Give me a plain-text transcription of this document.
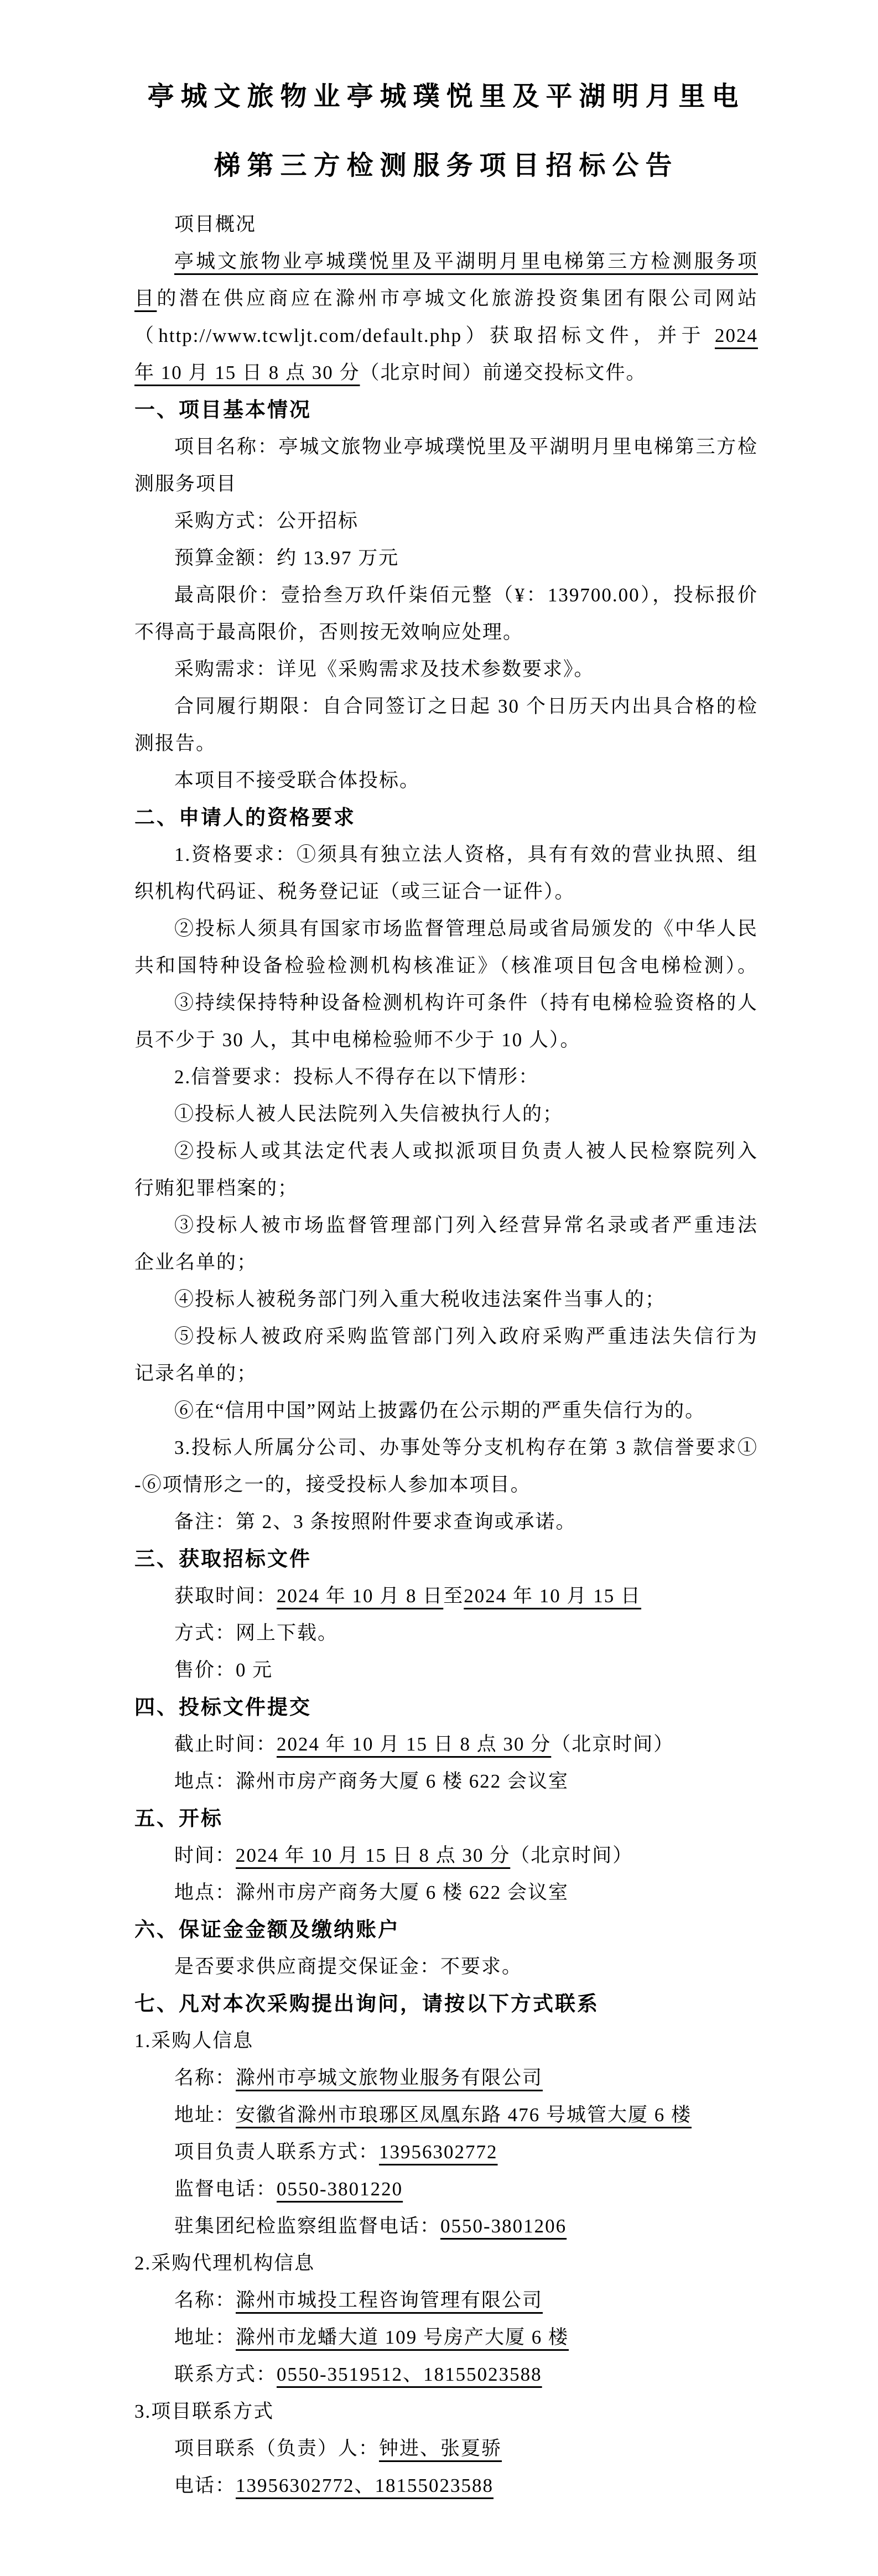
亭城文旅物业亭城璞悦里及平湖明月里电
梯第三方检测服务项目招标公告
项目概况
亭城文旅物业亭城璞悦里及平湖明月里电梯第三方检测服务项
目的潜在供应商应在滁州市亭城文化旅游投资集团有限公司网站
（http://www.tcwljt.com/default.php）获取招标文件，并于 2024
年 10 月 15 日 8 点 30 分（北京时间）前递交投标文件。
一、项目基本情况
项目名称：亭城文旅物业亭城璞悦里及平湖明月里电梯第三方检
测服务项目
采购方式：公开招标
预算金额：约 13.97 万元
最高限价：壹拾叁万玖仟柒佰元整（¥：139700.00），投标报价
不得高于最高限价，否则按无效响应处理。
采购需求：详见《采购需求及技术参数要求》。
合同履行期限：自合同签订之日起 30 个日历天内出具合格的检
测报告。
本项目不接受联合体投标。
二、申请人的资格要求
1.资格要求：①须具有独立法人资格，具有有效的营业执照、组
织机构代码证、税务登记证（或三证合一证件）。
②投标人须具有国家市场监督管理总局或省局颁发的《中华人民
共和国特种设备检验检测机构核准证》（核准项目包含电梯检测）。
③持续保持特种设备检测机构许可条件（持有电梯检验资格的人
员不少于 30 人，其中电梯检验师不少于 10 人）。
2.信誉要求：投标人不得存在以下情形：
①投标人被人民法院列入失信被执行人的；
②投标人或其法定代表人或拟派项目负责人被人民检察院列入
行贿犯罪档案的；
③投标人被市场监督管理部门列入经营异常名录或者严重违法
企业名单的；
④投标人被税务部门列入重大税收违法案件当事人的；
⑤投标人被政府采购监管部门列入政府采购严重违法失信行为
记录名单的；
⑥在“信用中国”网站上披露仍在公示期的严重失信行为的。
3.投标人所属分公司、办事处等分支机构存在第 3 款信誉要求①
-⑥项情形之一的，接受投标人参加本项目。
备注：第 2、3 条按照附件要求查询或承诺。
三、获取招标文件
获取时间：2024 年 10 月 8 日至2024 年 10 月 15 日
方式：网上下载。
售价：0 元
四、投标文件提交
截止时间：2024 年 10 月 15 日 8 点 30 分（北京时间）
地点：滁州市房产商务大厦 6 楼 622 会议室
五、开标
时间：2024 年 10 月 15 日 8 点 30 分（北京时间）
地点：滁州市房产商务大厦 6 楼 622 会议室
六、保证金金额及缴纳账户
是否要求供应商提交保证金：不要求。
七、凡对本次采购提出询问，请按以下方式联系
1.采购人信息
名称：滁州市亭城文旅物业服务有限公司
地址：安徽省滁州市琅琊区凤凰东路 476 号城管大厦 6 楼
项目负责人联系方式：13956302772
监督电话：0550-3801220
驻集团纪检监察组监督电话：0550-3801206
2.采购代理机构信息
名称：滁州市城投工程咨询管理有限公司
地址：滁州市龙蟠大道 109 号房产大厦 6 楼
联系方式：0550-3519512、18155023588
3.项目联系方式
项目联系（负责）人：钟进、张夏骄
电话：13956302772、18155023588
